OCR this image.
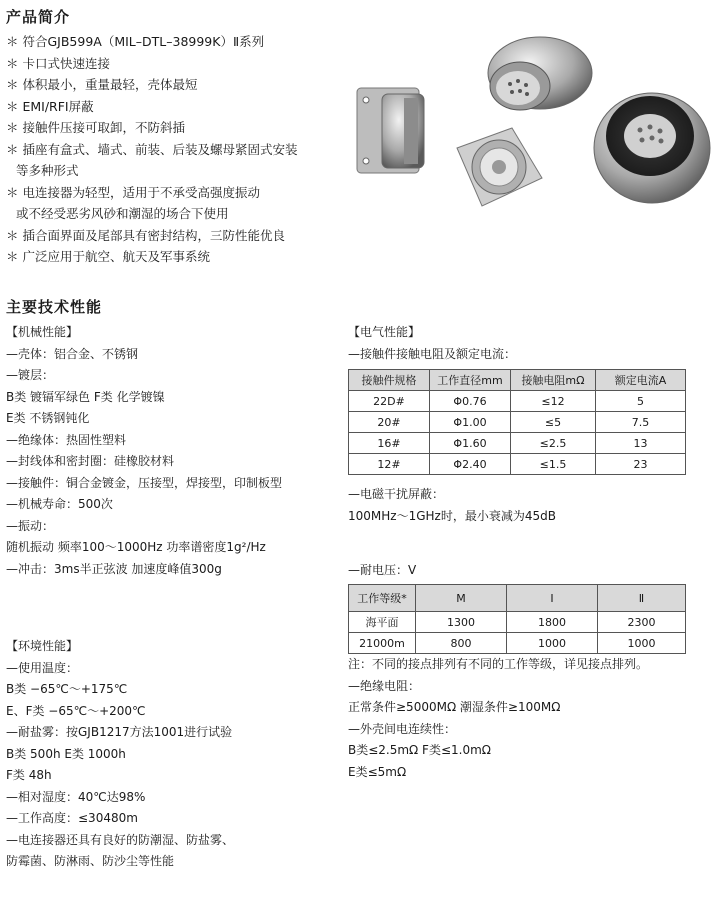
产品简介
＊ 符合GJB599A（MIL–DTL–38999K）Ⅱ系列
＊ 卡口式快速连接
＊ 体积最小，重量最轻，壳体最短
＊ EMI/RFI屏蔽
＊ 接触件压接可取卸，不防斜插
＊ 插座有盒式、墙式、前装、后装及螺母紧固式安装
等多种形式
＊ 电连接器为轻型，适用于不承受高强度振动
或不经受恶劣风砂和潮湿的场合下使用
＊ 插合面界面及尾部具有密封结构，三防性能优良
＊ 广泛应用于航空、航天及军事系统
主要技术性能
【机械性能】
—壳体：铝合金、不锈钢
—镀层：
B类 镀镉军绿色 F类 化学镀镍
E类 不锈钢钝化
—绝缘体：热固性塑料
—封线体和密封圈：硅橡胶材料
—接触件：铜合金镀金，压接型，焊接型，印制板型
—机械寿命：500次
—振动：
随机振动 频率100～1000Hz 功率谱密度1g²/Hz
—冲击：3ms半正弦波 加速度峰值300g
【环境性能】
—使用温度：
B类 −65℃～+175℃
E、F类 −65℃～+200℃
—耐盐雾：按GJB1217方法1001进行试验
B类 500h E类 1000h
F类 48h
—相对湿度：40℃达98%
—工作高度：≤30480m
—电连接器还具有良好的防潮湿、防盐雾、
防霉菌、防淋雨、防沙尘等性能
【电气性能】
—接触件接触电阻及额定电流：
接触件规格	工作直径mm	接触电阻mΩ	额定电流A
22D#	Φ0.76	≤12	5
20#	Φ1.00	≤5	7.5
16#	Φ1.60	≤2.5	13
12#	Φ2.40	≤1.5	23
—电磁干扰屏蔽：
100MHz～1GHz时，最小衰减为45dB
—耐电压：V
工作等级*	M	Ⅰ	Ⅱ
海平面	1300	1800	2300
21000m	800	1000	1000
注：不同的接点排列有不同的工作等级，详见接点排列。
—绝缘电阻：
正常条件≥5000MΩ 潮湿条件≥100MΩ
—外壳间电连续性：
B类≤2.5mΩ F类≤1.0mΩ
E类≤5mΩ
